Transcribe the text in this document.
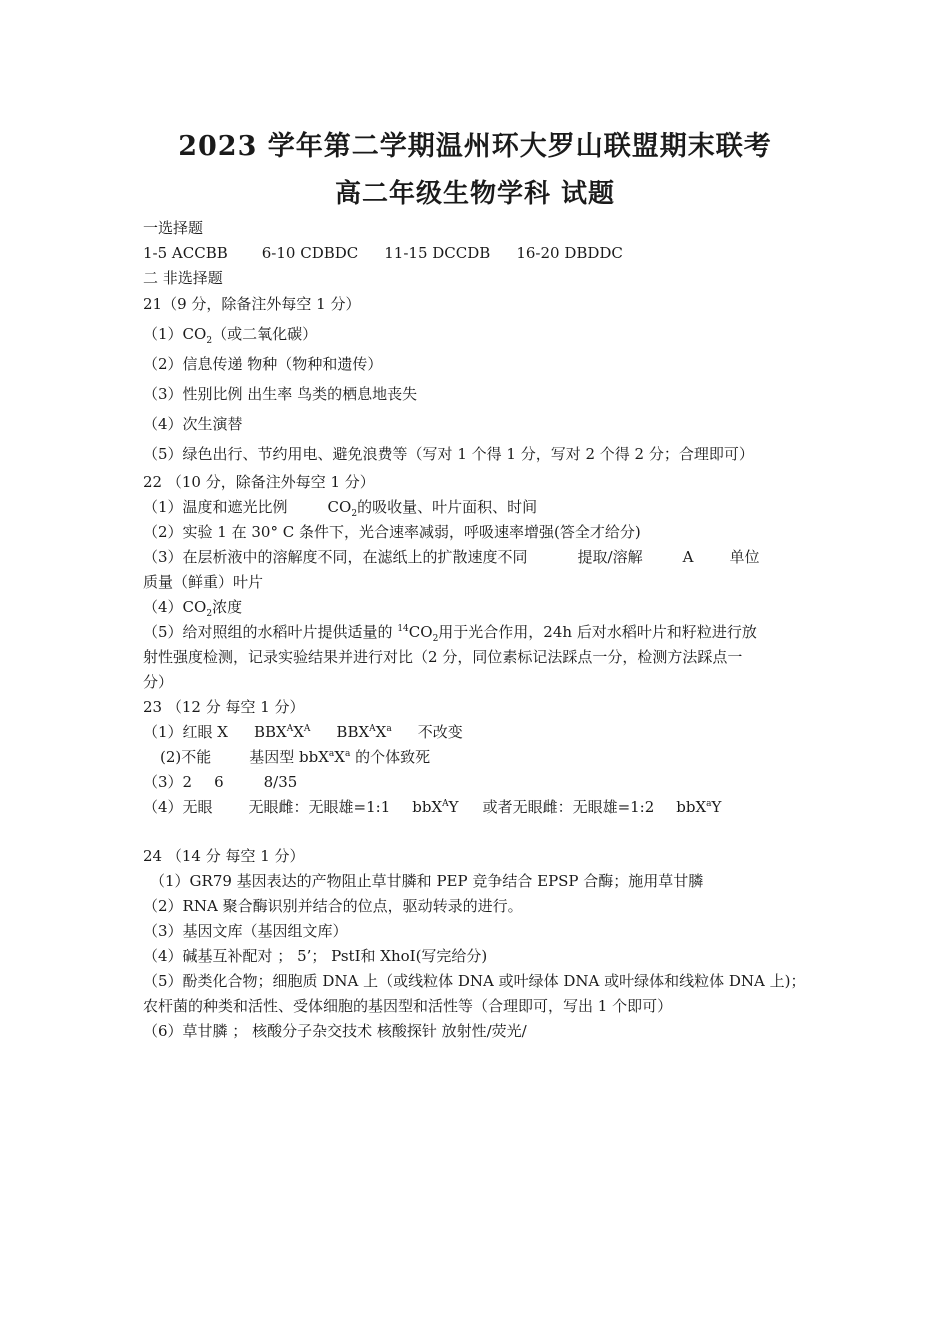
2023 学年第二学期温州环大罗山联盟期末联考
高二年级生物学科 试题
一选择题
1-5 ACCBB 6-10 CDBDC 11-15 DCCDB 16-20 DBDDC
二 非选择题
21（9 分，除备注外每空 1 分）
$(1)CO_2$（或二氧化碳）
（2）信息传递 物种（物种和遗传）
（3）性别比例 出生率 鸟类的栖息地丧失
（4）次生演替
（5）绿色出行、节约用电、避免浪费等（写对 1 个得 1 分，写对 2 个得 2 分；合理即可）
22 （10 分，除备注外每空 1 分）
（1）温度和遮光比例	$CO_2$的吸收量、叶片面积、时间
（2）实验 1 在 30° C 条件下，光合速率减弱，呼吸速率增强(答全才给分)
（3）在层析液中的溶解度不同，在滤纸上的扩散速度不同	提取/溶解	A 单位
质量（鲜重）叶片
$(4)CO_2$浓度
（5）给对照组的水稻叶片提供适量的 $^{14}CO_2$用于光合作用，24h 后对水稻叶片和籽粒进行放
射性强度检测，记录实验结果并进行对比（2 分，同位素标记法踩点一分，检测方法踩点一
分）
23 （12 分 每空 1 分）
（1）红眼 X $BBX^AX^A$ $BBX^AX^a$ 不改变
(2)不能	基因型 $bbX^aX^a$ 的个体致死
（3）2 6	8/35
（4）无眼 无眼雌：无眼雄=1:1 bbX$^A$Y 或者无眼雌：无眼雄=1:2 bbX$^a$Y
24 （14 分 每空 1 分）
（1）GR79 基因表达的产物阻止草甘膦和 PEP 竞争结合 EPSP 合酶；施用草甘膦
（2）RNA 聚合酶识别并结合的位点，驱动转录的进行。
（3）基因文库（基因组文库）
（4）碱基互补配对 ； 5’； PstⅠ和 XhoⅠ(写完给分)
（5）酚类化合物；细胞质 DNA 上（或线粒体 DNA 或叶绿体 DNA 或叶绿体和线粒体 DNA 上)；
农杆菌的种类和活性、受体细胞的基因型和活性等（合理即可，写出 1 个即可）
（6）草甘膦 ； 核酸分子杂交技术 核酸探针 放射性/荧光/
